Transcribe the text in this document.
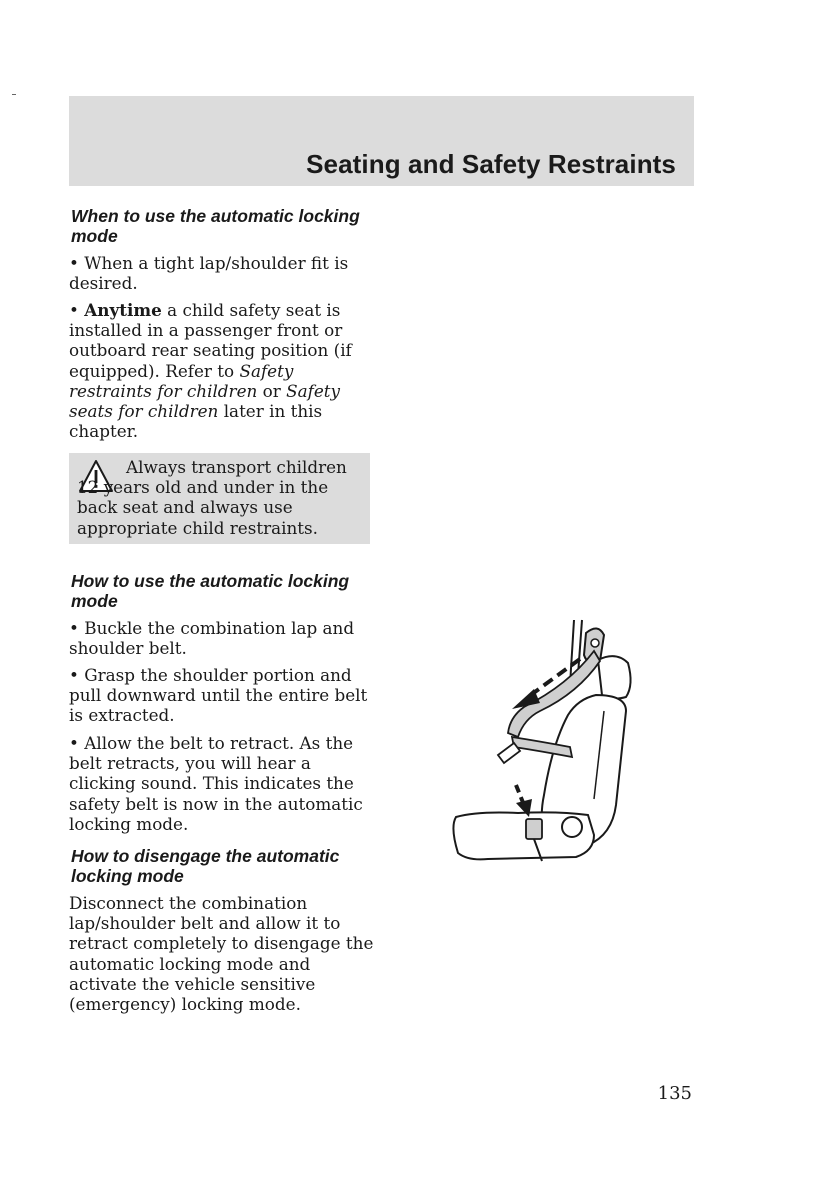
Seating and Safety Restraints
When to use the automatic locking mode
• When a tight lap/shoulder fit is desired.
• Anytime a child safety seat is installed in a passenger front or outboard rear seating position (if equipped). Refer to Safety restraints for children or Safety seats for children later in this chapter.
Always transport children 12 years old and under in the back seat and always use appropriate child restraints.
How to use the automatic locking mode
• Buckle the combination lap and shoulder belt.
• Grasp the shoulder portion and pull downward until the entire belt is extracted.
• Allow the belt to retract. As the belt retracts, you will hear a clicking sound. This indicates the safety belt is now in the automatic locking mode.
How to disengage the automatic locking mode
Disconnect the combination lap/shoulder belt and allow it to retract completely to disengage the automatic locking mode and activate the vehicle sensitive (emergency) locking mode.
135
